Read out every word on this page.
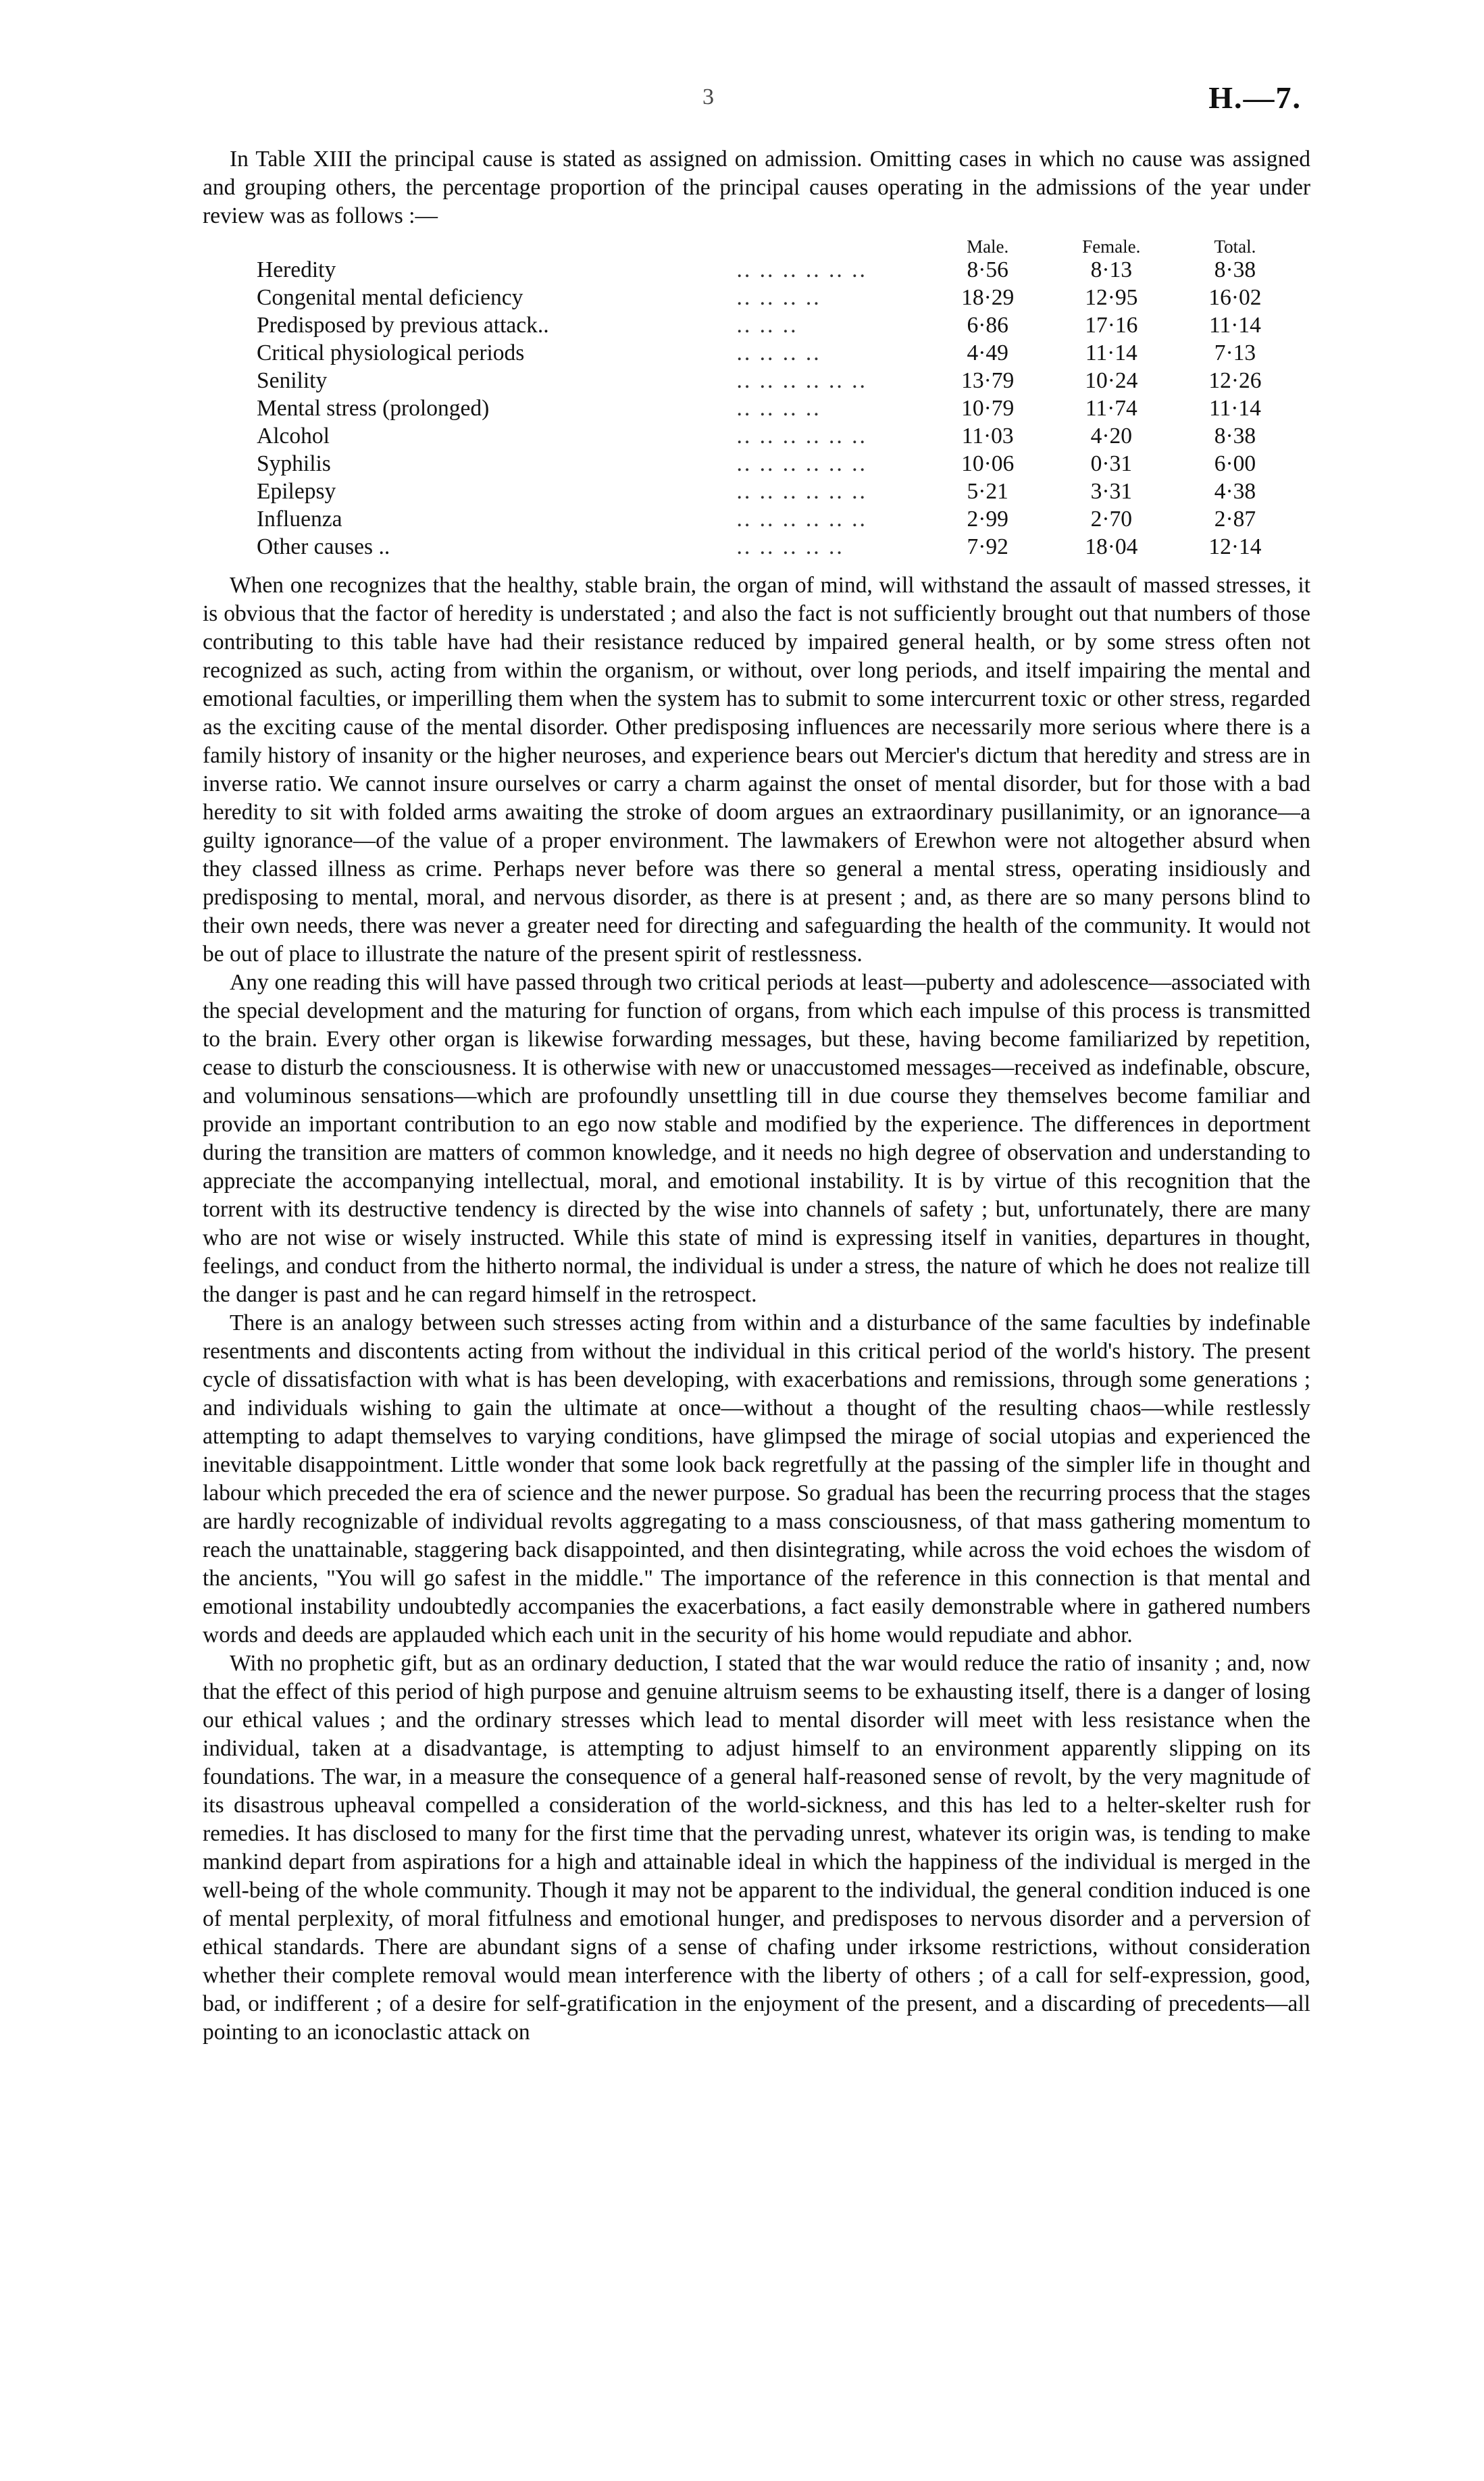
3	H.—7.

In Table XIII the principal cause is stated as assigned on admission. Omitting cases in which no cause was assigned and grouping others, the percentage proportion of the principal causes operating in the admissions of the year under review was as follows :—

		Male.	Female.	Total.
Heredity	.. .. .. .. .. ..	8·56	8·13	8·38
Congenital mental deficiency	.. .. .. ..	18·29	12·95	16·02
Predisposed by previous attack..	.. .. ..	6·86	17·16	11·14
Critical physiological periods	.. .. .. ..	4·49	11·14	7·13
Senility	.. .. .. .. .. ..	13·79	10·24	12·26
Mental stress (prolonged)	.. .. .. ..	10·79	11·74	11·14
Alcohol	.. .. .. .. .. ..	11·03	4·20	8·38
Syphilis	.. .. .. .. .. ..	10·06	0·31	6·00
Epilepsy	.. .. .. .. .. ..	5·21	3·31	4·38
Influenza	.. .. .. .. .. ..	2·99	2·70	2·87
Other causes ..	.. .. .. .. ..	7·92	18·04	12·14

When one recognizes that the healthy, stable brain, the organ of mind, will withstand the assault of massed stresses, it is obvious that the factor of heredity is understated ; and also the fact is not sufficiently brought out that numbers of those contributing to this table have had their resistance reduced by impaired general health, or by some stress often not recognized as such, acting from within the organism, or without, over long periods, and itself impairing the mental and emotional faculties, or imperilling them when the system has to submit to some intercurrent toxic or other stress, regarded as the exciting cause of the mental disorder. Other predisposing influences are necessarily more serious where there is a family history of insanity or the higher neuroses, and experience bears out Mercier's dictum that heredity and stress are in inverse ratio. We cannot insure ourselves or carry a charm against the onset of mental disorder, but for those with a bad heredity to sit with folded arms awaiting the stroke of doom argues an extraordinary pusillanimity, or an ignorance—a guilty ignorance—of the value of a proper environment. The lawmakers of Erewhon were not altogether absurd when they classed illness as crime. Perhaps never before was there so general a mental stress, operating insidiously and predisposing to mental, moral, and nervous disorder, as there is at present ; and, as there are so many persons blind to their own needs, there was never a greater need for directing and safeguarding the health of the community. It would not be out of place to illustrate the nature of the present spirit of restlessness.

Any one reading this will have passed through two critical periods at least—puberty and adolescence—associated with the special development and the maturing for function of organs, from which each impulse of this process is transmitted to the brain. Every other organ is likewise forwarding messages, but these, having become familiarized by repetition, cease to disturb the consciousness. It is otherwise with new or unaccustomed messages—received as indefinable, obscure, and voluminous sensations—which are profoundly unsettling till in due course they themselves become familiar and provide an important contribution to an ego now stable and modified by the experience. The differences in deportment during the transition are matters of common knowledge, and it needs no high degree of observation and understanding to appreciate the accompanying intellectual, moral, and emotional instability. It is by virtue of this recognition that the torrent with its destructive tendency is directed by the wise into channels of safety ; but, unfortunately, there are many who are not wise or wisely instructed. While this state of mind is expressing itself in vanities, departures in thought, feelings, and conduct from the hitherto normal, the individual is under a stress, the nature of which he does not realize till the danger is past and he can regard himself in the retrospect.

There is an analogy between such stresses acting from within and a disturbance of the same faculties by indefinable resentments and discontents acting from without the individual in this critical period of the world's history. The present cycle of dissatisfaction with what is has been developing, with exacerbations and remissions, through some generations ; and individuals wishing to gain the ultimate at once—without a thought of the resulting chaos—while restlessly attempting to adapt themselves to varying conditions, have glimpsed the mirage of social utopias and experienced the inevitable disappointment. Little wonder that some look back regretfully at the passing of the simpler life in thought and labour which preceded the era of science and the newer purpose. So gradual has been the recurring process that the stages are hardly recognizable of individual revolts aggregating to a mass consciousness, of that mass gathering momentum to reach the unattainable, staggering back disappointed, and then disintegrating, while across the void echoes the wisdom of the ancients, "You will go safest in the middle." The importance of the reference in this connection is that mental and emotional instability undoubtedly accompanies the exacerbations, a fact easily demonstrable where in gathered numbers words and deeds are applauded which each unit in the security of his home would repudiate and abhor.

With no prophetic gift, but as an ordinary deduction, I stated that the war would reduce the ratio of insanity ; and, now that the effect of this period of high purpose and genuine altruism seems to be exhausting itself, there is a danger of losing our ethical values ; and the ordinary stresses which lead to mental disorder will meet with less resistance when the individual, taken at a disadvantage, is attempting to adjust himself to an environment apparently slipping on its foundations. The war, in a measure the consequence of a general half-reasoned sense of revolt, by the very magnitude of its disastrous upheaval compelled a consideration of the world-sickness, and this has led to a helter-skelter rush for remedies. It has disclosed to many for the first time that the pervading unrest, whatever its origin was, is tending to make mankind depart from aspirations for a high and attainable ideal in which the happiness of the individual is merged in the well-being of the whole community. Though it may not be apparent to the individual, the general condition induced is one of mental perplexity, of moral fitfulness and emotional hunger, and predisposes to nervous disorder and a perversion of ethical standards. There are abundant signs of a sense of chafing under irksome restrictions, without consideration whether their complete removal would mean interference with the liberty of others ; of a call for self-expression, good, bad, or indifferent ; of a desire for self-gratification in the enjoyment of the present, and a discarding of precedents—all pointing to an iconoclastic attack on
